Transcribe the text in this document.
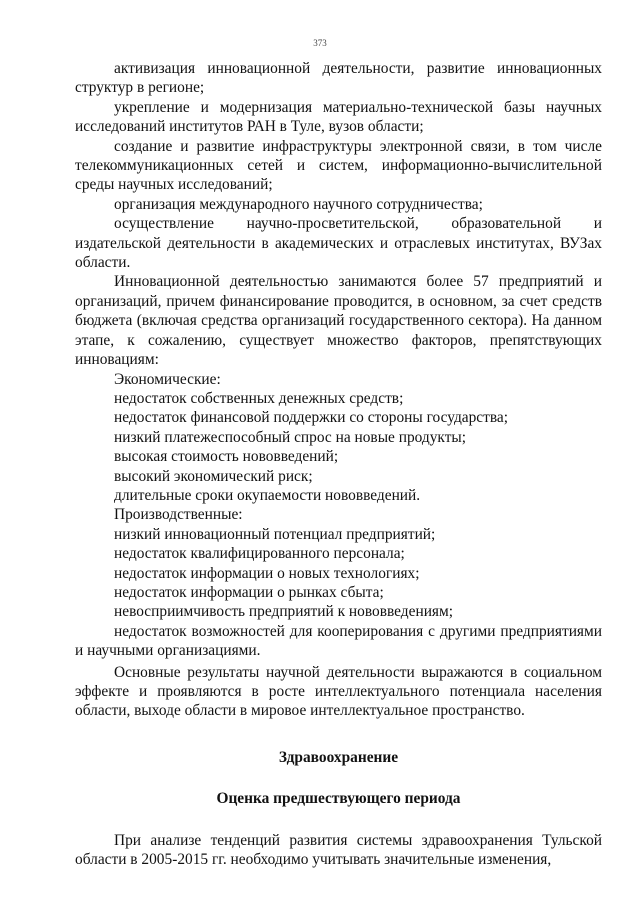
373

активизация инновационной деятельности, развитие инновационных структур в регионе;

укрепление и модернизация материально-технической базы научных исследований институтов РАН в Туле, вузов области;

создание и развитие инфраструктуры электронной связи, в том числе телекоммуникационных сетей и систем, информационно-вычислительной среды научных исследований;

организация международного научного сотрудничества;

осуществление научно-просветительской, образовательной и издательской деятельности в академических и отраслевых институтах, ВУЗах области.

Инновационной деятельностью занимаются более 57 предприятий и организаций, причем финансирование проводится, в основном, за счет средств бюджета (включая средства организаций государственного сектора). На данном этапе, к сожалению, существует множество факторов, препятствующих инновациям:

Экономические:

недостаток собственных денежных средств;

недостаток финансовой поддержки со стороны государства;

низкий платежеспособный спрос на новые продукты;

высокая стоимость нововведений;

высокий экономический риск;

длительные сроки окупаемости нововведений.

Производственные:

низкий инновационный потенциал предприятий;

недостаток квалифицированного персонала;

недостаток информации о новых технологиях;

недостаток информации о рынках сбыта;

невосприимчивость предприятий к нововведениям;

недостаток возможностей для кооперирования с другими предприятиями и научными организациями.

Основные результаты научной деятельности выражаются в социальном эффекте и проявляются в росте интеллектуального потенциала населения области, выходе области в мировое интеллектуальное пространство.

Здравоохранение

Оценка предшествующего периода

При анализе тенденций развития системы здравоохранения Тульской области в 2005-2015 гг. необходимо учитывать значительные изменения,
